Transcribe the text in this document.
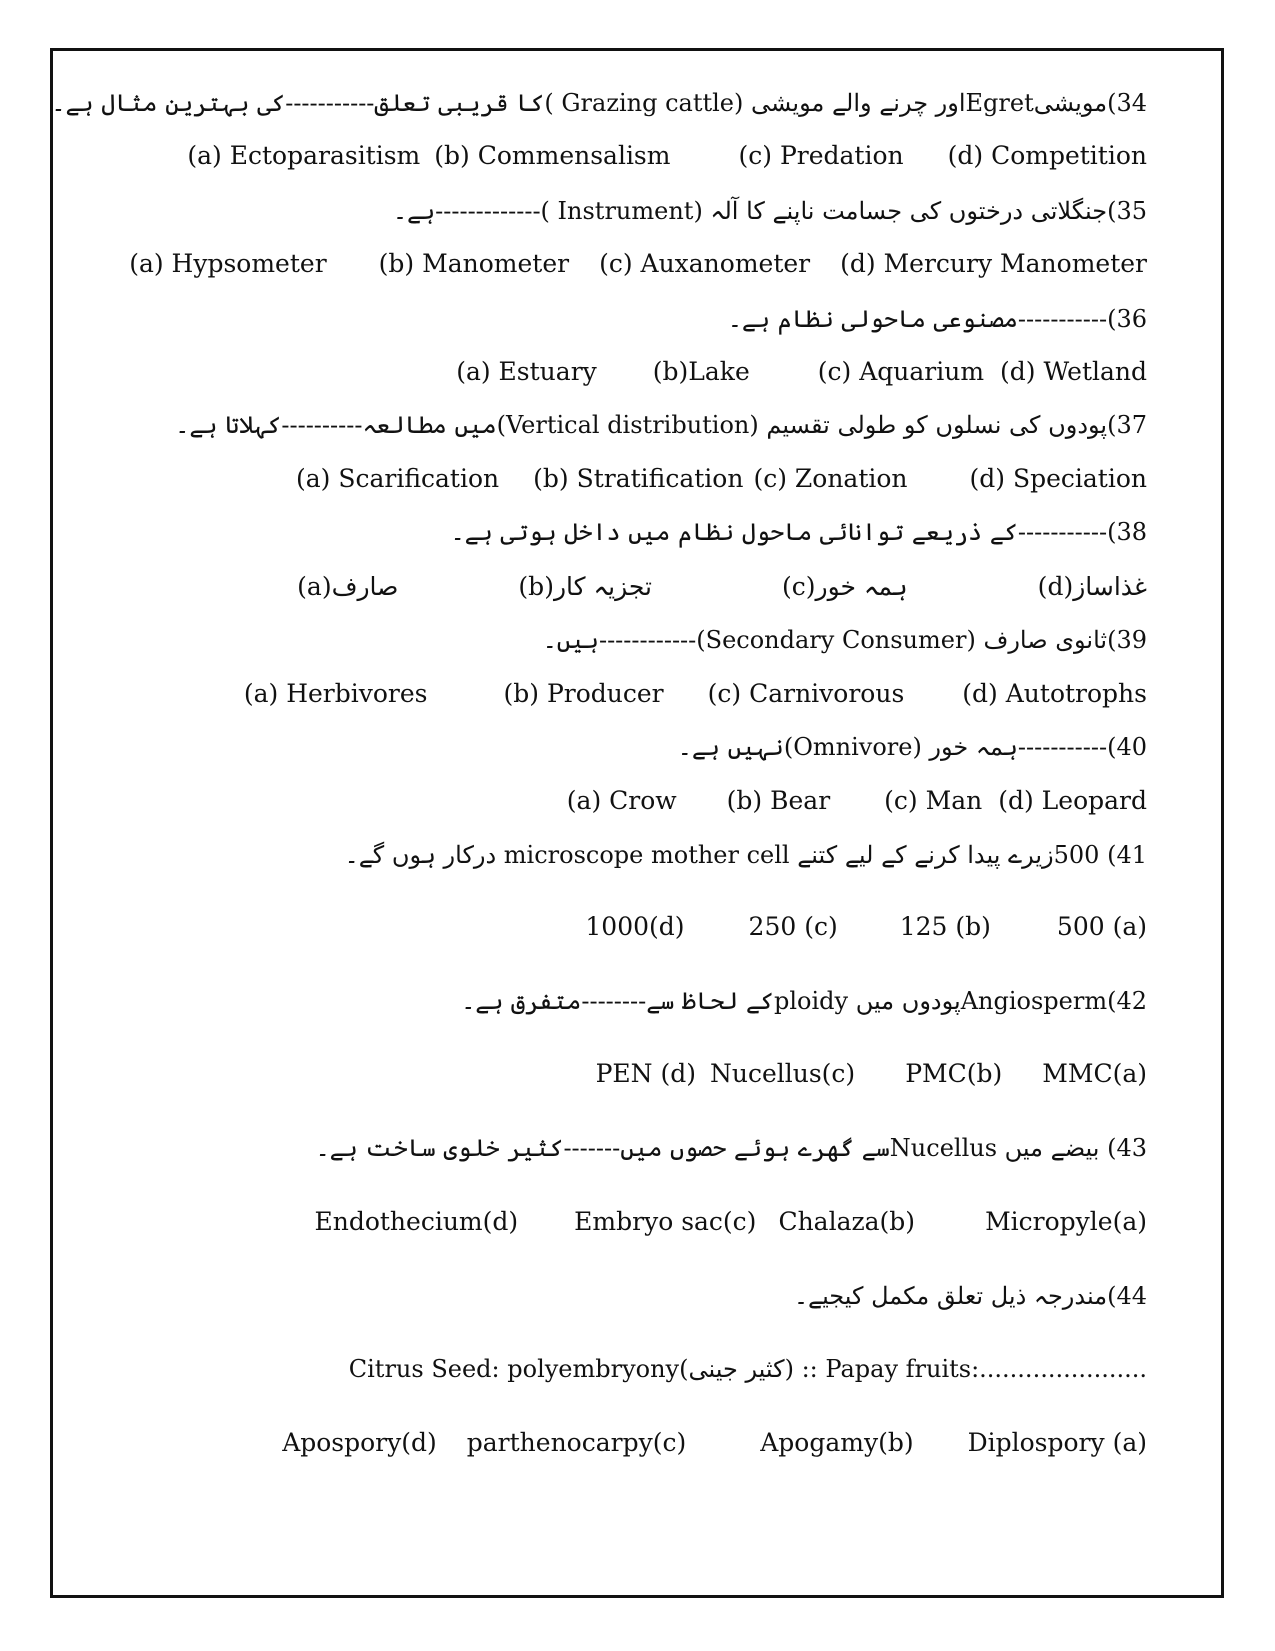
34)مویشیEgretاور چرنے والے مویشی (Grazing cattle )کا قریبی تعلق-----------کی بہترین مثال ہے۔
(a) Ectoparasitism (b) Commensalism	(c) Predation (d) Competition
35)جنگلاتی درختوں کی جسامت ناپنے کا آلہ (Instrument )-------------ہے۔
(a) Hypsometer (b) Manometer (c) Auxanometer (d) Mercury Manometer
36)-----------مصنوعی ماحولی نظام ہے۔
(a) Estuary (b)Lake	(c) Aquarium (d) Wetland
37)پودوں کی نسلوں کو طولی تقسیم (Vertical distribution)میں مطالعہ----------کہلاتا ہے۔
(a) Scarification (b) Stratification (c) Zonation (d) Speciation
38)-----------کے ذریعے توانائی ماحول نظام میں داخل ہوتی ہے۔
صارف(a)	تجزیہ کار(b)	ہمہ خور(c)	غذاساز(d)
39)ثانوی صارف (Secondary Consumer)------------ہیں۔
(a) Herbivores	(b) Producer (c) Carnivorous (d) Autotrophs
40)-----------ہمہ خور (Omnivore)نہیں ہے۔
(a) Crow (b) Bear (c) Man (d) Leopard
41) 500زیرے پیدا کرنے کے لیے کتنے microscope mother cell درکار ہوں گے۔
1000(d)	250 (c) 125 (b)	500 (a)
42)Angiospermپودوں میں ploidyکے لحاظ سے--------متفرق ہے۔
PEN (d) Nucellus(c) PMC(b) MMC(a)
43) بیضے میں Nucellusسے گھرے ہوئے حصوں میں-------کثیر خلوی ساخت ہے۔
Endothecium(d) Embryo sac(c) Chalaza(b)	Micropyle(a)
44)مندرجہ ذیل تعلق مکمل کیجیے۔
Citrus Seed: polyembryony(کثیر جینی) :: Papay fruits:......................
Apospory(d) parthenocarpy(c)	Apogamy(b) Diplospory (a)
